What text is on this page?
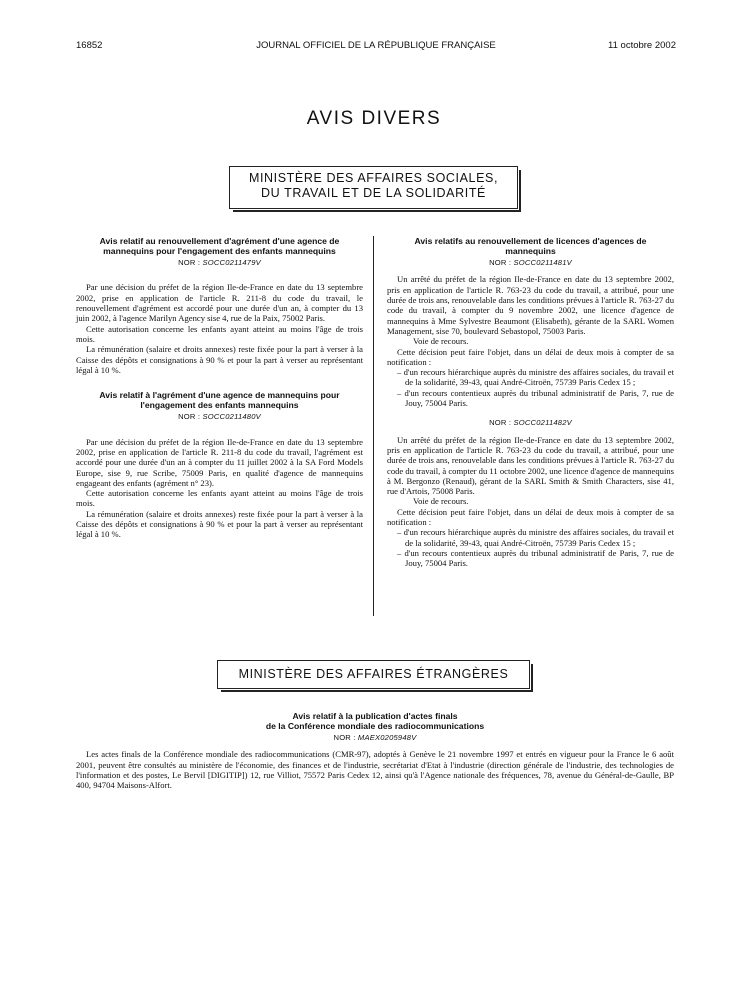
16852	JOURNAL OFFICIEL DE LA RÉPUBLIQUE FRANÇAISE	11 octobre 2002
AVIS DIVERS
MINISTÈRE DES AFFAIRES SOCIALES,
DU TRAVAIL ET DE LA SOLIDARITÉ
Avis relatif au renouvellement d'agrément d'une agence de mannequins pour l'engagement des enfants mannequins
NOR : SOCC0211479V

Par une décision du préfet de la région Ile-de-France en date du 13 septembre 2002, prise en application de l'article R. 211-8 du code du travail, le renouvellement d'agrément est accordé pour une durée d'un an, à compter du 13 juin 2002, à l'agence Marilyn Agency sise 4, rue de la Paix, 75002 Paris.

Cette autorisation concerne les enfants ayant atteint au moins l'âge de trois mois.

La rémunération (salaire et droits annexes) reste fixée pour la part à verser à la Caisse des dépôts et consignations à 90 % et pour la part à verser au représentant légal à 10 %.

Avis relatif à l'agrément d'une agence de mannequins pour l'engagement des enfants mannequins
NOR : SOCC0211480V

Par une décision du préfet de la région Ile-de-France en date du 13 septembre 2002, prise en application de l'article R. 211-8 du code du travail, l'agrément est accordé pour une durée d'un an à compter du 11 juillet 2002 à la SA Ford Models Europe, sise 9, rue Scribe, 75009 Paris, en qualité d'agence de mannequins engageant des enfants (agrément n° 23).

Cette autorisation concerne les enfants ayant atteint au moins l'âge de trois mois.

La rémunération (salaire et droits annexes) reste fixée pour la part à verser à la Caisse des dépôts et consignations à 90 % et pour la part à verser au représentant légal à 10 %.

Avis relatifs au renouvellement de licences d'agences de mannequins
NOR : SOCC0211481V

Un arrêté du préfet de la région Ile-de-France en date du 13 septembre 2002, pris en application de l'article R. 763-23 du code du travail, a attribué, pour une durée de trois ans, renouvelable dans les conditions prévues à l'article R. 763-27 du code du travail, à compter du 9 novembre 2002, une licence d'agence de mannequins à Mme Sylvestre Beaumont (Elisabeth), gérante de la SARL Women Management, sise 70, boulevard Sebastopol, 75003 Paris.

Voie de recours.

Cette décision peut faire l'objet, dans un délai de deux mois à compter de sa notification :

– d'un recours hiérarchique auprès du ministre des affaires sociales, du travail et de la solidarité, 39-43, quai André-Citroën, 75739 Paris Cedex 15 ;
– d'un recours contentieux auprès du tribunal administratif de Paris, 7, rue de Jouy, 75004 Paris.
NOR : SOCC0211482V

Un arrêté du préfet de la région Ile-de-France en date du 13 septembre 2002, pris en application de l'article R. 763-23 du code du travail, a attribué, pour une durée de trois ans, renouvelable dans les conditions prévues à l'article R. 763-27 du code du travail, à compter du 11 octobre 2002, une licence d'agence de mannequins à M. Bergonzo (Renaud), gérant de la SARL Smith & Smith Characters, sise 41, rue d'Artois, 75008 Paris.

Voie de recours.

Cette décision peut faire l'objet, dans un délai de deux mois à compter de sa notification :

– d'un recours hiérarchique auprès du ministre des affaires sociales, du travail et de la solidarité, 39-43, quai André-Citroën, 75739 Paris Cedex 15 ;
– d'un recours contentieux auprès du tribunal administratif de Paris, 7, rue de Jouy, 75004 Paris.
MINISTÈRE DES AFFAIRES ÉTRANGÈRES
Avis relatif à la publication d'actes finals
de la Conférence mondiale des radiocommunications
NOR : MAEX0205948V

Les actes finals de la Conférence mondiale des radiocommunications (CMR-97), adoptés à Genève le 21 novembre 1997 et entrés en vigueur pour la France le 6 août 2001, peuvent être consultés au ministère de l'économie, des finances et de l'industrie, secrétariat d'Etat à l'industrie (direction générale de l'industrie, des technologies de l'information et des postes, Le Bervil [DIGITIP]) 12, rue Villiot, 75572 Paris Cedex 12, ainsi qu'à l'Agence nationale des fréquences, 78, avenue du Général-de-Gaulle, BP 400, 94704 Maisons-Alfort.
